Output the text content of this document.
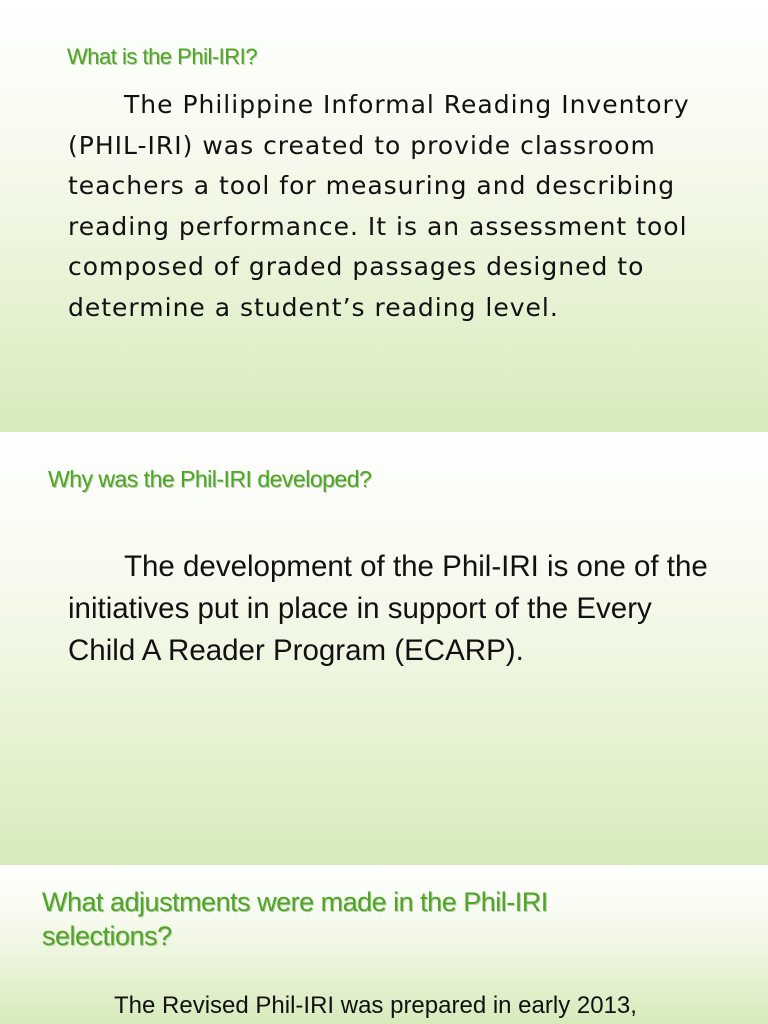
What is the Phil-IRI?

The Philippine Informal Reading Inventory (PHIL-IRI) was created to provide classroom teachers a tool for measuring and describing reading performance. It is an assessment tool composed of graded passages designed to determine a student’s reading level.

Why was the Phil-IRI developed?

The development of the Phil-IRI is one of the initiatives put in place in support of the Every Child A Reader Program (ECARP).

What adjustments were made in the Phil-IRI selections?

The Revised Phil-IRI was prepared in early 2013,
